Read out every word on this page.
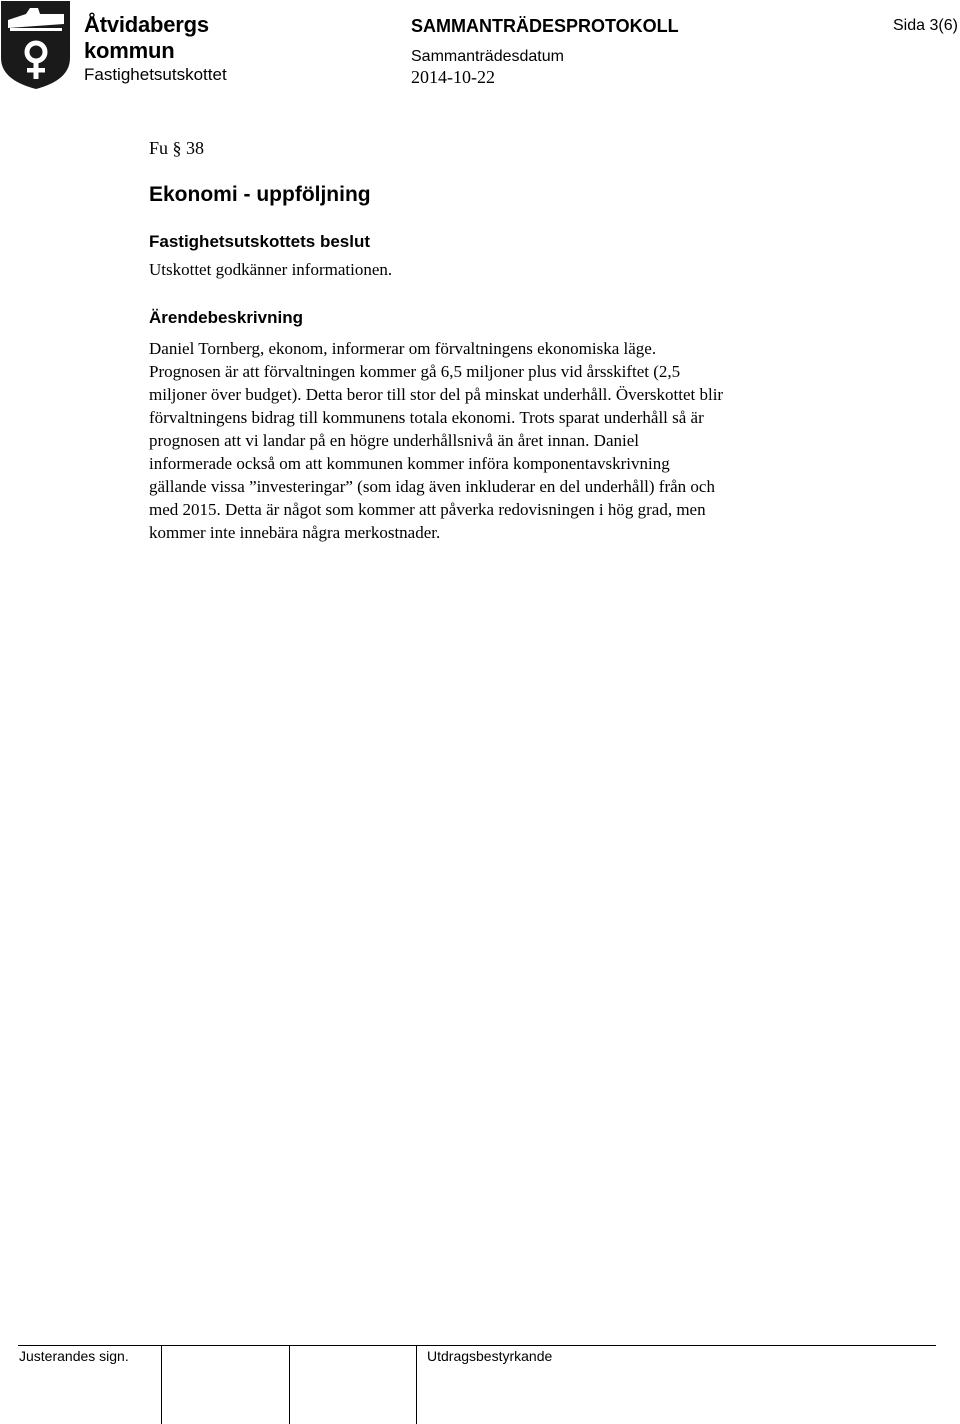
Åtvidabergs
kommun
Fastighetsutskottet
SAMMANTRÄDESPROTOKOLL
Sammanträdesdatum
2014-10-22
Sida 3(6)
Fu § 38
Ekonomi - uppföljning
Fastighetsutskottets beslut
Utskottet godkänner informationen.
Ärendebeskrivning
Daniel Tornberg, ekonom, informerar om förvaltningens ekonomiska läge.
Prognosen är att förvaltningen kommer gå 6,5 miljoner plus vid årsskiftet (2,5
miljoner över budget). Detta beror till stor del på minskat underhåll. Överskottet blir
förvaltningens bidrag till kommunens totala ekonomi. Trots sparat underhåll så är
prognosen att vi landar på en högre underhållsnivå än året innan. Daniel
informerade också om att kommunen kommer införa komponentavskrivning
gällande vissa ”investeringar” (som idag även inkluderar en del underhåll) från och
med 2015. Detta är något som kommer att påverka redovisningen i hög grad, men
kommer inte innebära några merkostnader.
Justerandes sign.	Utdragsbestyrkande
